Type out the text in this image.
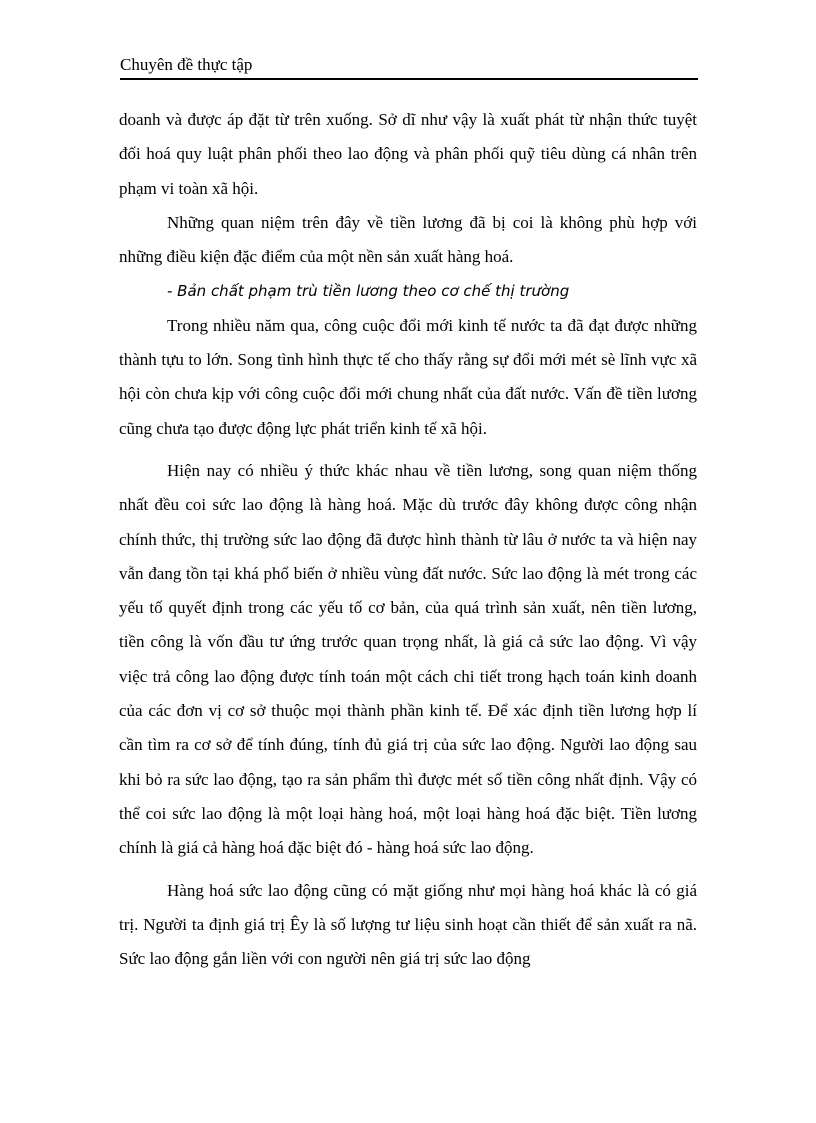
Chuyên đề thực tập

doanh và được áp đặt từ trên xuống. Sở dĩ như vậy là xuất phát từ nhận thức tuyệt đối hoá quy luật phân phối theo lao động và phân phối quỹ tiêu dùng cá nhân trên phạm vi toàn xã hội.

Những quan niệm trên đây về tiền lương đã bị coi là không phù hợp với những điều kiện đặc điểm của một nền sản xuất hàng hoá.

- Bản chất phạm trù tiền lương theo cơ chế thị trường

Trong nhiều năm qua, công cuộc đổi mới kinh tế nước ta đã đạt được những thành tựu to lớn. Song tình hình thực tế cho thấy rằng sự đổi mới mét sè lĩnh vực xã hội còn chưa kịp với công cuộc đổi mới chung nhất của đất nước. Vấn đề tiền lương cũng chưa tạo được động lực phát triển kinh tế xã hội.

Hiện nay có nhiều ý thức khác nhau về tiền lương, song quan niệm thống nhất đều coi sức lao động là hàng hoá. Mặc dù trước đây không được công nhận chính thức, thị trường sức lao động đã được hình thành từ lâu ở nước ta và hiện nay vẫn đang tồn tại khá phổ biến ở nhiều vùng đất nước. Sức lao động là mét trong các yếu tố quyết định trong các yếu tố cơ bản, của quá trình sản xuất, nên tiền lương, tiền công là vốn đầu tư ứng trước quan trọng nhất, là giá cả sức lao động. Vì vậy việc trả công lao động được tính toán một cách chi tiết trong hạch toán kinh doanh của các đơn vị cơ sở thuộc mọi thành phần kinh tế. Để xác định tiền lương hợp lí cần tìm ra cơ sở để tính đúng, tính đủ giá trị của sức lao động. Người lao động sau khi bỏ ra sức lao động, tạo ra sản phẩm thì được mét số tiền công nhất định. Vậy có thể coi sức lao động là một loại hàng hoá, một loại hàng hoá đặc biệt. Tiền lương chính là giá cả hàng hoá đặc biệt đó - hàng hoá sức lao động.

Hàng hoá sức lao động cũng có mặt giống như mọi hàng hoá khác là có giá trị. Người ta định giá trị Êy là số lượng tư liệu sinh hoạt cần thiết để sản xuất ra nã. Sức lao động gắn liền với con người nên giá trị sức lao động
